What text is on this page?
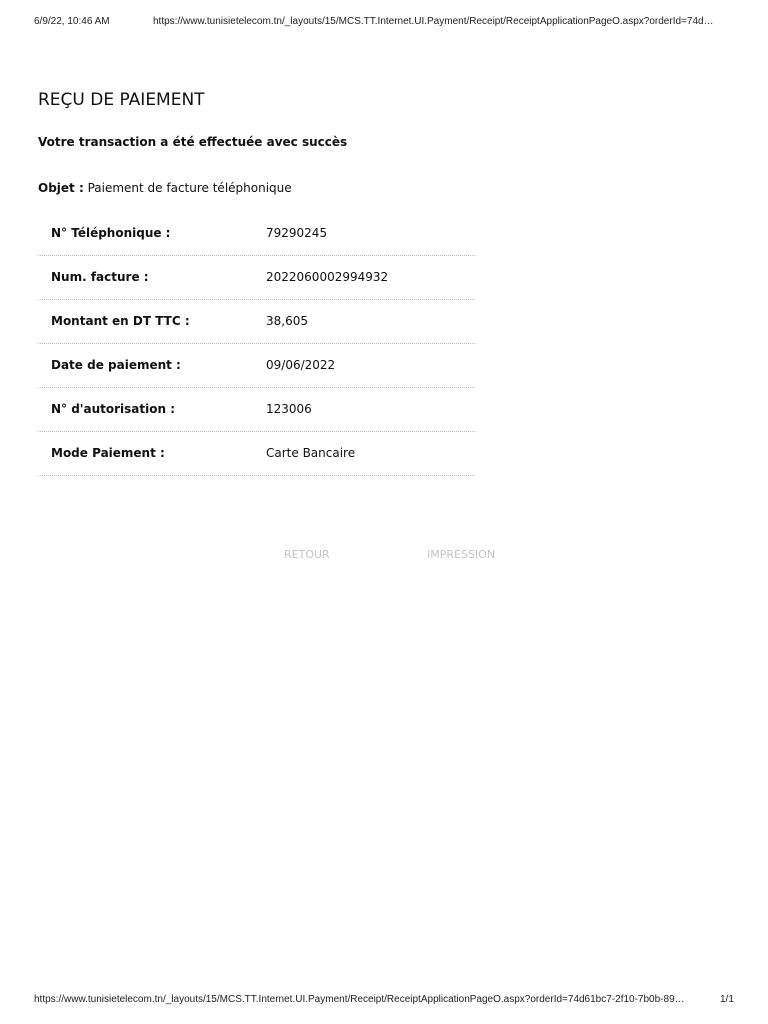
6/9/22, 10:46 AM	https://www.tunisietelecom.tn/_layouts/15/MCS.TT.Internet.UI.Payment/Receipt/ReceiptApplicationPageO.aspx?orderId=74d…
REÇU DE PAIEMENT

Votre transaction a été effectuée avec succès

Objet : Paiement de facture téléphonique

N° Téléphonique :	79290245
Num. facture :	2022060002994932
Montant en DT TTC :	38,605
Date de paiement :	09/06/2022
N° d'autorisation :	123006
Mode Paiement :	Carte Bancaire
RETOUR	IMPRESSION
https://www.tunisietelecom.tn/_layouts/15/MCS.TT.Internet.UI.Payment/Receipt/ReceiptApplicationPageO.aspx?orderId=74d61bc7-2f10-7b0b-89…	1/1
